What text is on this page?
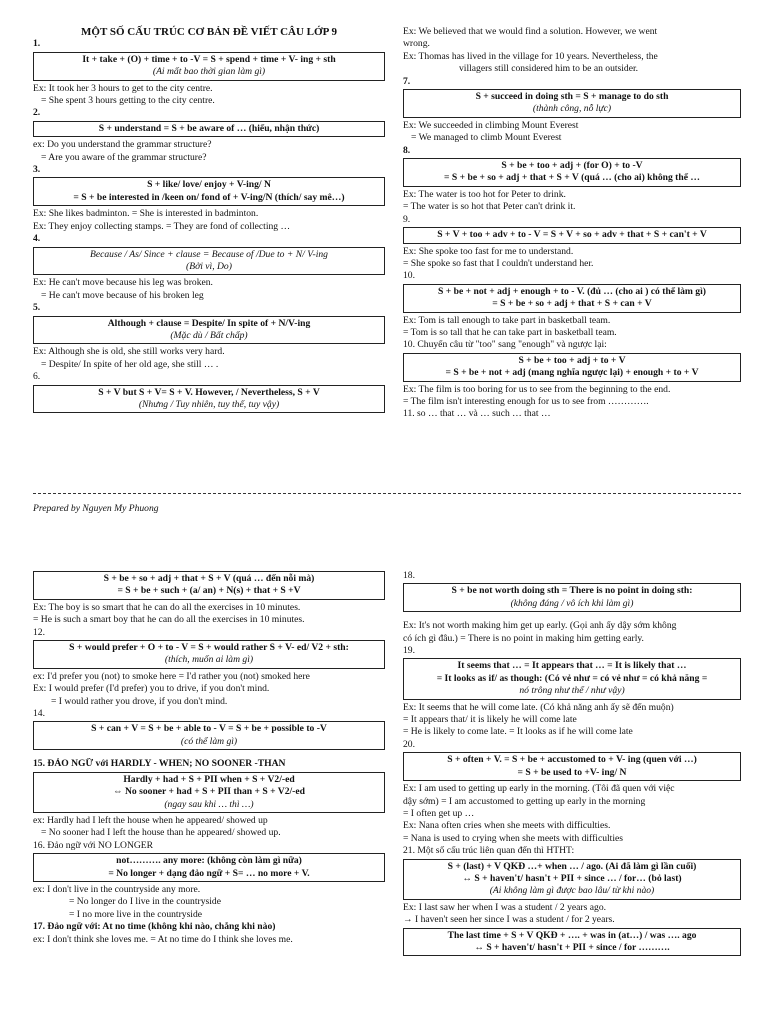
MỘT SỐ CẤU TRÚC CƠ BẢN ĐỀ VIẾT CÂU LỚP 9
1.
It + take + (O) + time + to -V = S + spend + time + V- ing + sth
(Ai mất bao thời gian làm gì)
Ex: It took her 3 hours to get to the city centre.
= She spent 3 hours getting to the city centre.
2.
S + understand = S + be aware of … (hiểu, nhận thức)
ex: Do you understand the grammar structure?
= Are you aware of the grammar structure?
3.
S + like/ love/ enjoy + V-ing/ N
= S + be interested in /keen on/ fond of + V-ing/N (thích/ say mê…)
Ex: She likes badminton. = She is interested in badminton.
Ex: They enjoy collecting stamps. = They are fond of collecting …
4.
Because / As/ Since + clause = Because of /Due to + N/ V-ing
(Bởi vì, Do)
Ex: He can't move because his leg was broken.
= He can't move because of his broken leg
5.
Although + clause = Despite/ In spite of + N/V-ing
(Mặc dù / Bất chấp)
Ex: Although she is old, she still works very hard.
= Despite/ In spite of her old age, she still … .
6.
S + V but S + V= S + V. However, / Nevertheless, S + V
(Nhưng / Tuy nhiên, tuy thế, tuy vậy)
Ex: We believed that we would find a solution. However, we went
wrong.
Ex: Thomas has lived in the village for 10 years. Nevertheless, the
villagers still considered him to be an outsider.
7.
S + succeed in doing sth = S + manage to do sth
(thành công, nỗ lực)
Ex: We succeeded in climbing Mount Everest
= We managed to climb Mount Everest
8.
S + be + too + adj + (for O) + to -V
= S + be + so + adj + that + S + V (quá … (cho ai) không thể …
Ex: The water is too hot for Peter to drink.
= The water is so hot that Peter can't drink it.
9.
S + V + too + adv + to - V = S + V + so + adv + that + S + can't + V
Ex: She spoke too fast for me to understand.
= She spoke so fast that I couldn't understand her.
10.
S + be + not + adj + enough + to - V. (đủ … (cho ai ) có thể làm gì)
= S + be + so + adj + that + S + can + V
Ex: Tom is tall enough to take part in basketball team.
= Tom is so tall that he can take part in basketball team.
10. Chuyển câu từ "too" sang "enough" và ngược lại:
S + be + too + adj + to + V
= S + be + not + adj (mang nghĩa ngược lại) + enough + to + V
Ex: The film is too boring for us to see from the beginning to the end.
= The film isn't interesting enough for us to see from ………….
11. so … that … và … such … that …
Prepared by Nguyen My Phuong
S + be + so + adj + that + S + V (quá … đến nỗi mà)
= S + be + such + (a/ an) + N(s) + that + S +V
Ex: The boy is so smart that he can do all the exercises in 10 minutes.
= He is such a smart boy that he can do all the exercises in 10 minutes.
12.
S + would prefer + O + to - V = S + would rather S + V- ed/ V2 + sth:
(thích, muốn ai làm gì)
ex: I'd prefer you (not) to smoke here = I'd rather you (not) smoked here
Ex: I would prefer (I'd prefer) you to drive, if you don't mind.
= I would rather you drove, if you don't mind.
14.
S + can + V = S + be + able to - V = S + be + possible to -V
(có thể làm gì)
15. ĐẢO NGỮ với HARDLY - WHEN; NO SOONER -THAN
Hardly + had + S + PII when + S + V2/-ed
⇔ No sooner + had + S + PII than + S + V2/-ed
(ngay sau khi … thì …)
ex: Hardly had I left the house when he appeared/ showed up
= No sooner had I left the house than he appeared/ showed up.
16. Đảo ngữ với NO LONGER
not………. any more: (không còn làm gì nữa)
= No longer + dạng đảo ngữ + S= … no more + V.
ex: I don't live in the countryside any more.
= No longer do I live in the countryside
= I no more live in the countryside
17. Đảo ngữ với: At no time (không khi nào, chẳng khi nào)
ex: I don't think she loves me. = At no time do I think she loves me.
18.
S + be not worth doing sth = There is no point in doing sth:
(không đáng / vô ích khi làm gì)
Ex: It's not worth making him get up early. (Gọi anh ấy dậy sớm không
có ích gì đâu.) = There is no point in making him getting early.
19.
It seems that … = It appears that … = It is likely that …
= It looks as if/ as though: (Có vẻ như = có vẻ như = có khả năng =
nó trông như thể / như vậy)
Ex: It seems that he will come late. (Có khả năng anh ấy sẽ đến muộn)
= It appears that/ it is likely he will come late
= He is likely to come late. = It looks as if he will come late
20.
S + often + V. = S + be + accustomed to + V- ing (quen với …)
= S + be used to +V- ing/ N
Ex: I am used to getting up early in the morning. (Tôi đã quen với việc
dậy sớm) = I am accustomed to getting up early in the morning
= I often get up …
Ex: Nana often cries when she meets with difficulties.
= Nana is used to crying when she meets with difficulties
21. Một số cấu trúc liên quan đến thì HTHT:
S + (last) + V QKĐ …+ when … / ago. (Ai đã làm gì lần cuối)
↔ S + haven't/ hasn't + PII + since … / for… (bỏ last)
(Ai không làm gì được bao lâu/ từ khi nào)
Ex: I last saw her when I was a student / 2 years ago.
→ I haven't seen her since I was a student / for 2 years.
The last time + S + V QKĐ + …. + was in (at…) / was …. ago
↔ S + haven't/ hasn't + PII + since / for ……….
